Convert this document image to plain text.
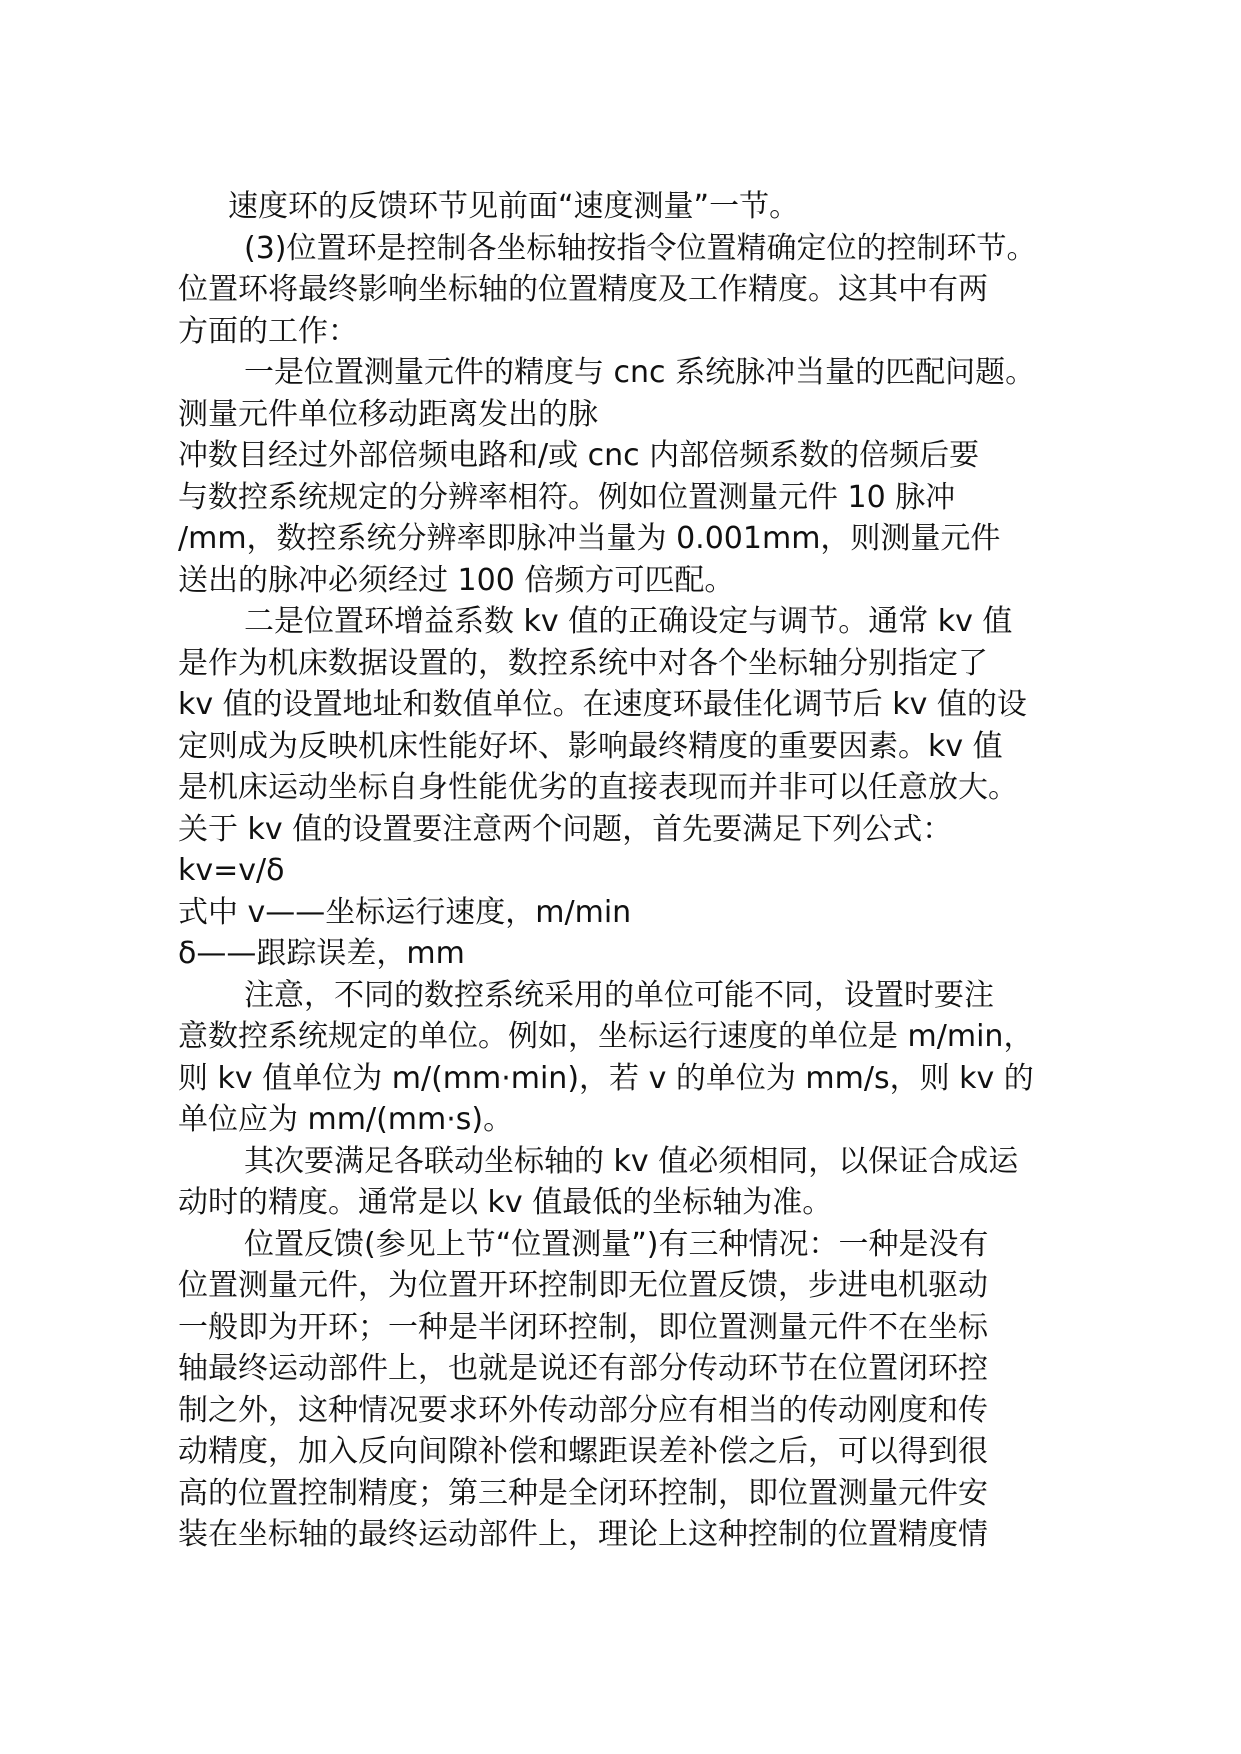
速度环的反馈环节见前面“速度测量”一节。
(3)位置环是控制各坐标轴按指令位置精确定位的控制环节。
位置环将最终影响坐标轴的位置精度及工作精度。这其中有两
方面的工作：
一是位置测量元件的精度与 cnc 系统脉冲当量的匹配问题。
测量元件单位移动距离发出的脉
冲数目经过外部倍频电路和/或 cnc 内部倍频系数的倍频后要
与数控系统规定的分辨率相符。例如位置测量元件 10 脉冲
/mm，数控系统分辨率即脉冲当量为 0.001mm，则测量元件
送出的脉冲必须经过 100 倍频方可匹配。
二是位置环增益系数 kv 值的正确设定与调节。通常 kv 值
是作为机床数据设置的，数控系统中对各个坐标轴分别指定了
kv 值的设置地址和数值单位。在速度环最佳化调节后 kv 值的设
定则成为反映机床性能好坏、影响最终精度的重要因素。kv 值
是机床运动坐标自身性能优劣的直接表现而并非可以任意放大。
关于 kv 值的设置要注意两个问题，首先要满足下列公式：
kv=v/δ
式中 v——坐标运行速度，m/min
δ——跟踪误差，mm
注意，不同的数控系统采用的单位可能不同，设置时要注
意数控系统规定的单位。例如，坐标运行速度的单位是 m/min，
则 kv 值单位为 m/(mm·min)，若 v 的单位为 mm/s，则 kv 的
单位应为 mm/(mm·s)。
其次要满足各联动坐标轴的 kv 值必须相同，以保证合成运
动时的精度。通常是以 kv 值最低的坐标轴为准。
位置反馈(参见上节“位置测量”)有三种情况：一种是没有
位置测量元件，为位置开环控制即无位置反馈，步进电机驱动
一般即为开环；一种是半闭环控制，即位置测量元件不在坐标
轴最终运动部件上，也就是说还有部分传动环节在位置闭环控
制之外，这种情况要求环外传动部分应有相当的传动刚度和传
动精度，加入反向间隙补偿和螺距误差补偿之后，可以得到很
高的位置控制精度；第三种是全闭环控制，即位置测量元件安
装在坐标轴的最终运动部件上，理论上这种控制的位置精度情
